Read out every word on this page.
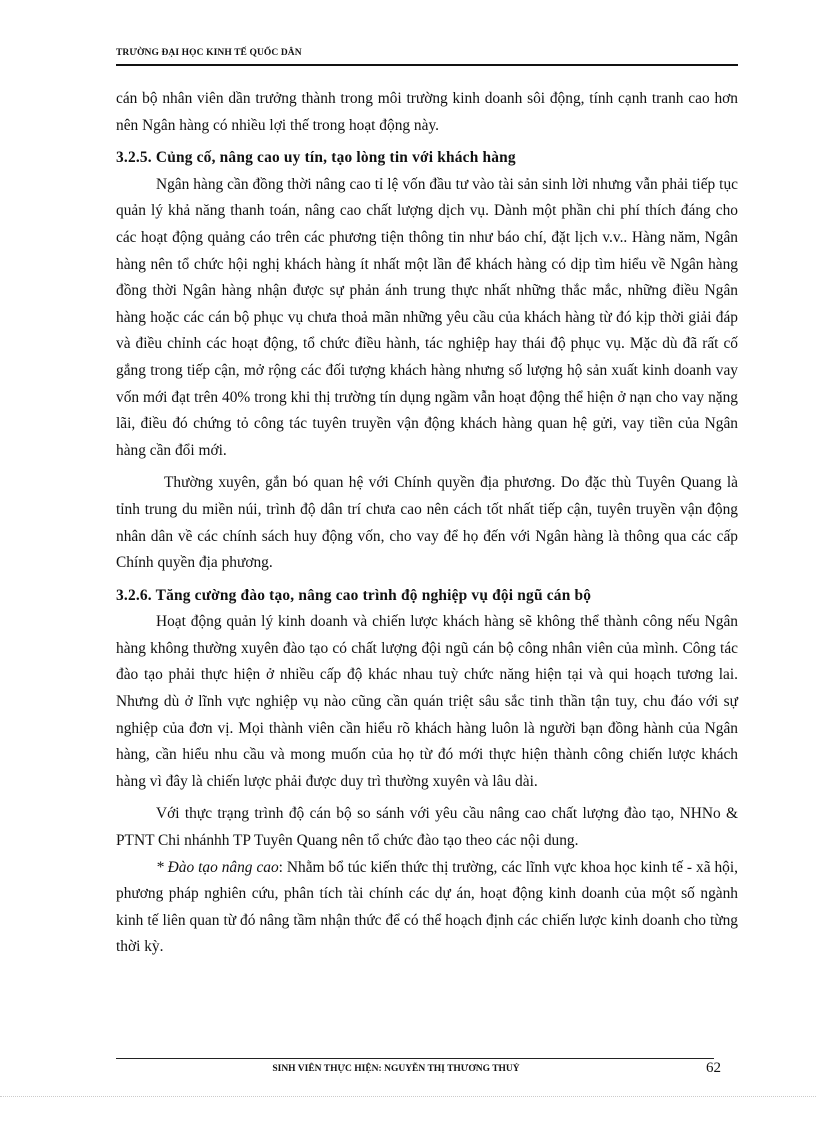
TRƯỜNG ĐẠI HỌC KINH TẾ QUỐC DÂN

cán bộ nhân viên dần trưởng thành trong môi trường kinh doanh sôi động, tính cạnh tranh cao hơn nên Ngân hàng có nhiều lợi thế trong hoạt động này.

3.2.5. Củng cố, nâng cao uy tín, tạo lòng tin với khách hàng

Ngân hàng cần đồng thời nâng cao tỉ lệ vốn đầu tư vào tài sản sinh lời nhưng vẫn phải tiếp tục quản lý khả năng thanh toán, nâng cao chất lượng dịch vụ. Dành một phần chi phí thích đáng cho các hoạt động quảng cáo trên các phương tiện thông tin như báo chí, đặt lịch v.v.. Hàng năm, Ngân hàng nên tổ chức hội nghị khách hàng ít nhất một lần để khách hàng có dịp tìm hiểu về Ngân hàng đồng thời Ngân hàng nhận được sự phản ánh trung thực nhất những thắc mắc, những điều Ngân hàng hoặc các cán bộ phục vụ chưa thoả mãn những yêu cầu của khách hàng từ đó kịp thời giải đáp và điều chỉnh các hoạt động, tổ chức điều hành, tác nghiệp hay thái độ phục vụ. Mặc dù đã rất cố gắng trong tiếp cận, mở rộng các đối tượng khách hàng nhưng số lượng hộ sản xuất kinh doanh vay vốn mới đạt trên 40% trong khi thị trường tín dụng ngầm vẫn hoạt động thể hiện ở nạn cho vay nặng lãi, điều đó chứng tỏ công tác tuyên truyền vận động khách hàng quan hệ gửi, vay tiền của Ngân hàng cần đổi mới.

Thường xuyên, gắn bó quan hệ với Chính quyền địa phương. Do đặc thù Tuyên Quang là tỉnh trung du miền núi, trình độ dân trí chưa cao nên cách tốt nhất tiếp cận, tuyên truyền vận động nhân dân về các chính sách huy động vốn, cho vay để họ đến với Ngân hàng là thông qua các cấp Chính quyền địa phương.

3.2.6. Tăng cường đào tạo, nâng cao trình độ nghiệp vụ đội ngũ cán bộ

Hoạt động quản lý kinh doanh và chiến lược khách hàng sẽ không thể thành công nếu Ngân hàng không thường xuyên đào tạo có chất lượng đội ngũ cán bộ công nhân viên của mình. Công tác đào tạo phải thực hiện ở nhiều cấp độ khác nhau tuỳ chức năng hiện tại và qui hoạch tương lai. Nhưng dù ở lĩnh vực nghiệp vụ nào cũng cần quán triệt sâu sắc tinh thần tận tuy, chu đáo với sự nghiệp của đơn vị. Mọi thành viên cần hiểu rõ khách hàng luôn là người bạn đồng hành của Ngân hàng, cần hiểu nhu cầu và mong muốn của họ từ đó mới thực hiện thành công chiến lược khách hàng vì đây là chiến lược phải được duy trì thường xuyên và lâu dài.

Với thực trạng trình độ cán bộ so sánh với yêu cầu nâng cao chất lượng đào tạo, NHNo & PTNT Chi nhánhh TP Tuyên Quang nên tổ chức đào tạo theo các nội dung.

* Đào tạo nâng cao: Nhằm bổ túc kiến thức thị trường, các lĩnh vực khoa học kinh tế - xã hội, phương pháp nghiên cứu, phân tích tài chính các dự án, hoạt động kinh doanh của một số ngành kinh tế liên quan từ đó nâng tầm nhận thức để có thể hoạch định các chiến lược kinh doanh cho từng thời kỳ.

SINH VIÊN THỰC HIỆN: NGUYỄN THỊ THƯƠNG THUỶ	62
